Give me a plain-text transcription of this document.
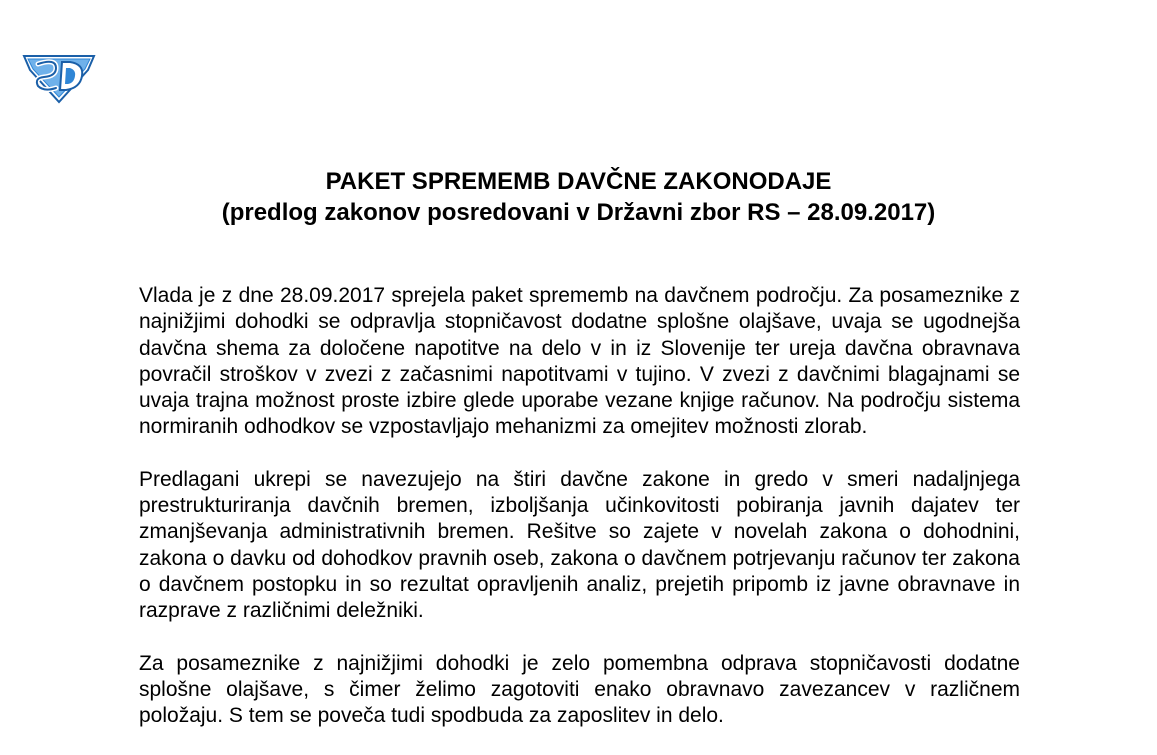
PAKET SPREMEMB DAVČNE ZAKONODAJE
(predlog zakonov posredovani v Državni zbor RS – 28.09.2017)

Vlada je z dne 28.09.2017 sprejela paket sprememb na davčnem področju. Za posameznike z najnižjimi dohodki se odpravlja stopničavost dodatne splošne olajšave, uvaja se ugodnejša davčna shema za določene napotitve na delo v in iz Slovenije ter ureja davčna obravnava povračil stroškov v zvezi z začasnimi napotitvami v tujino. V zvezi z davčnimi blagajnami se uvaja trajna možnost proste izbire glede uporabe vezane knjige računov. Na področju sistema normiranih odhodkov se vzpostavljajo mehanizmi za omejitev možnosti zlorab.

Predlagani ukrepi se navezujejo na štiri davčne zakone in gredo v smeri nadaljnjega prestrukturiranja davčnih bremen, izboljšanja učinkovitosti pobiranja javnih dajatev ter zmanjševanja administrativnih bremen. Rešitve so zajete v novelah zakona o dohodnini, zakona o davku od dohodkov pravnih oseb, zakona o davčnem potrjevanju računov ter zakona o davčnem postopku in so rezultat opravljenih analiz, prejetih pripomb iz javne obravnave in razprave z različnimi deležniki.

Za posameznike z najnižjimi dohodki je zelo pomembna odprava stopničavosti dodatne splošne olajšave, s čimer želimo zagotoviti enako obravnavo zavezancev v različnem položaju. S tem se poveča tudi spodbuda za zaposlitev in delo.
